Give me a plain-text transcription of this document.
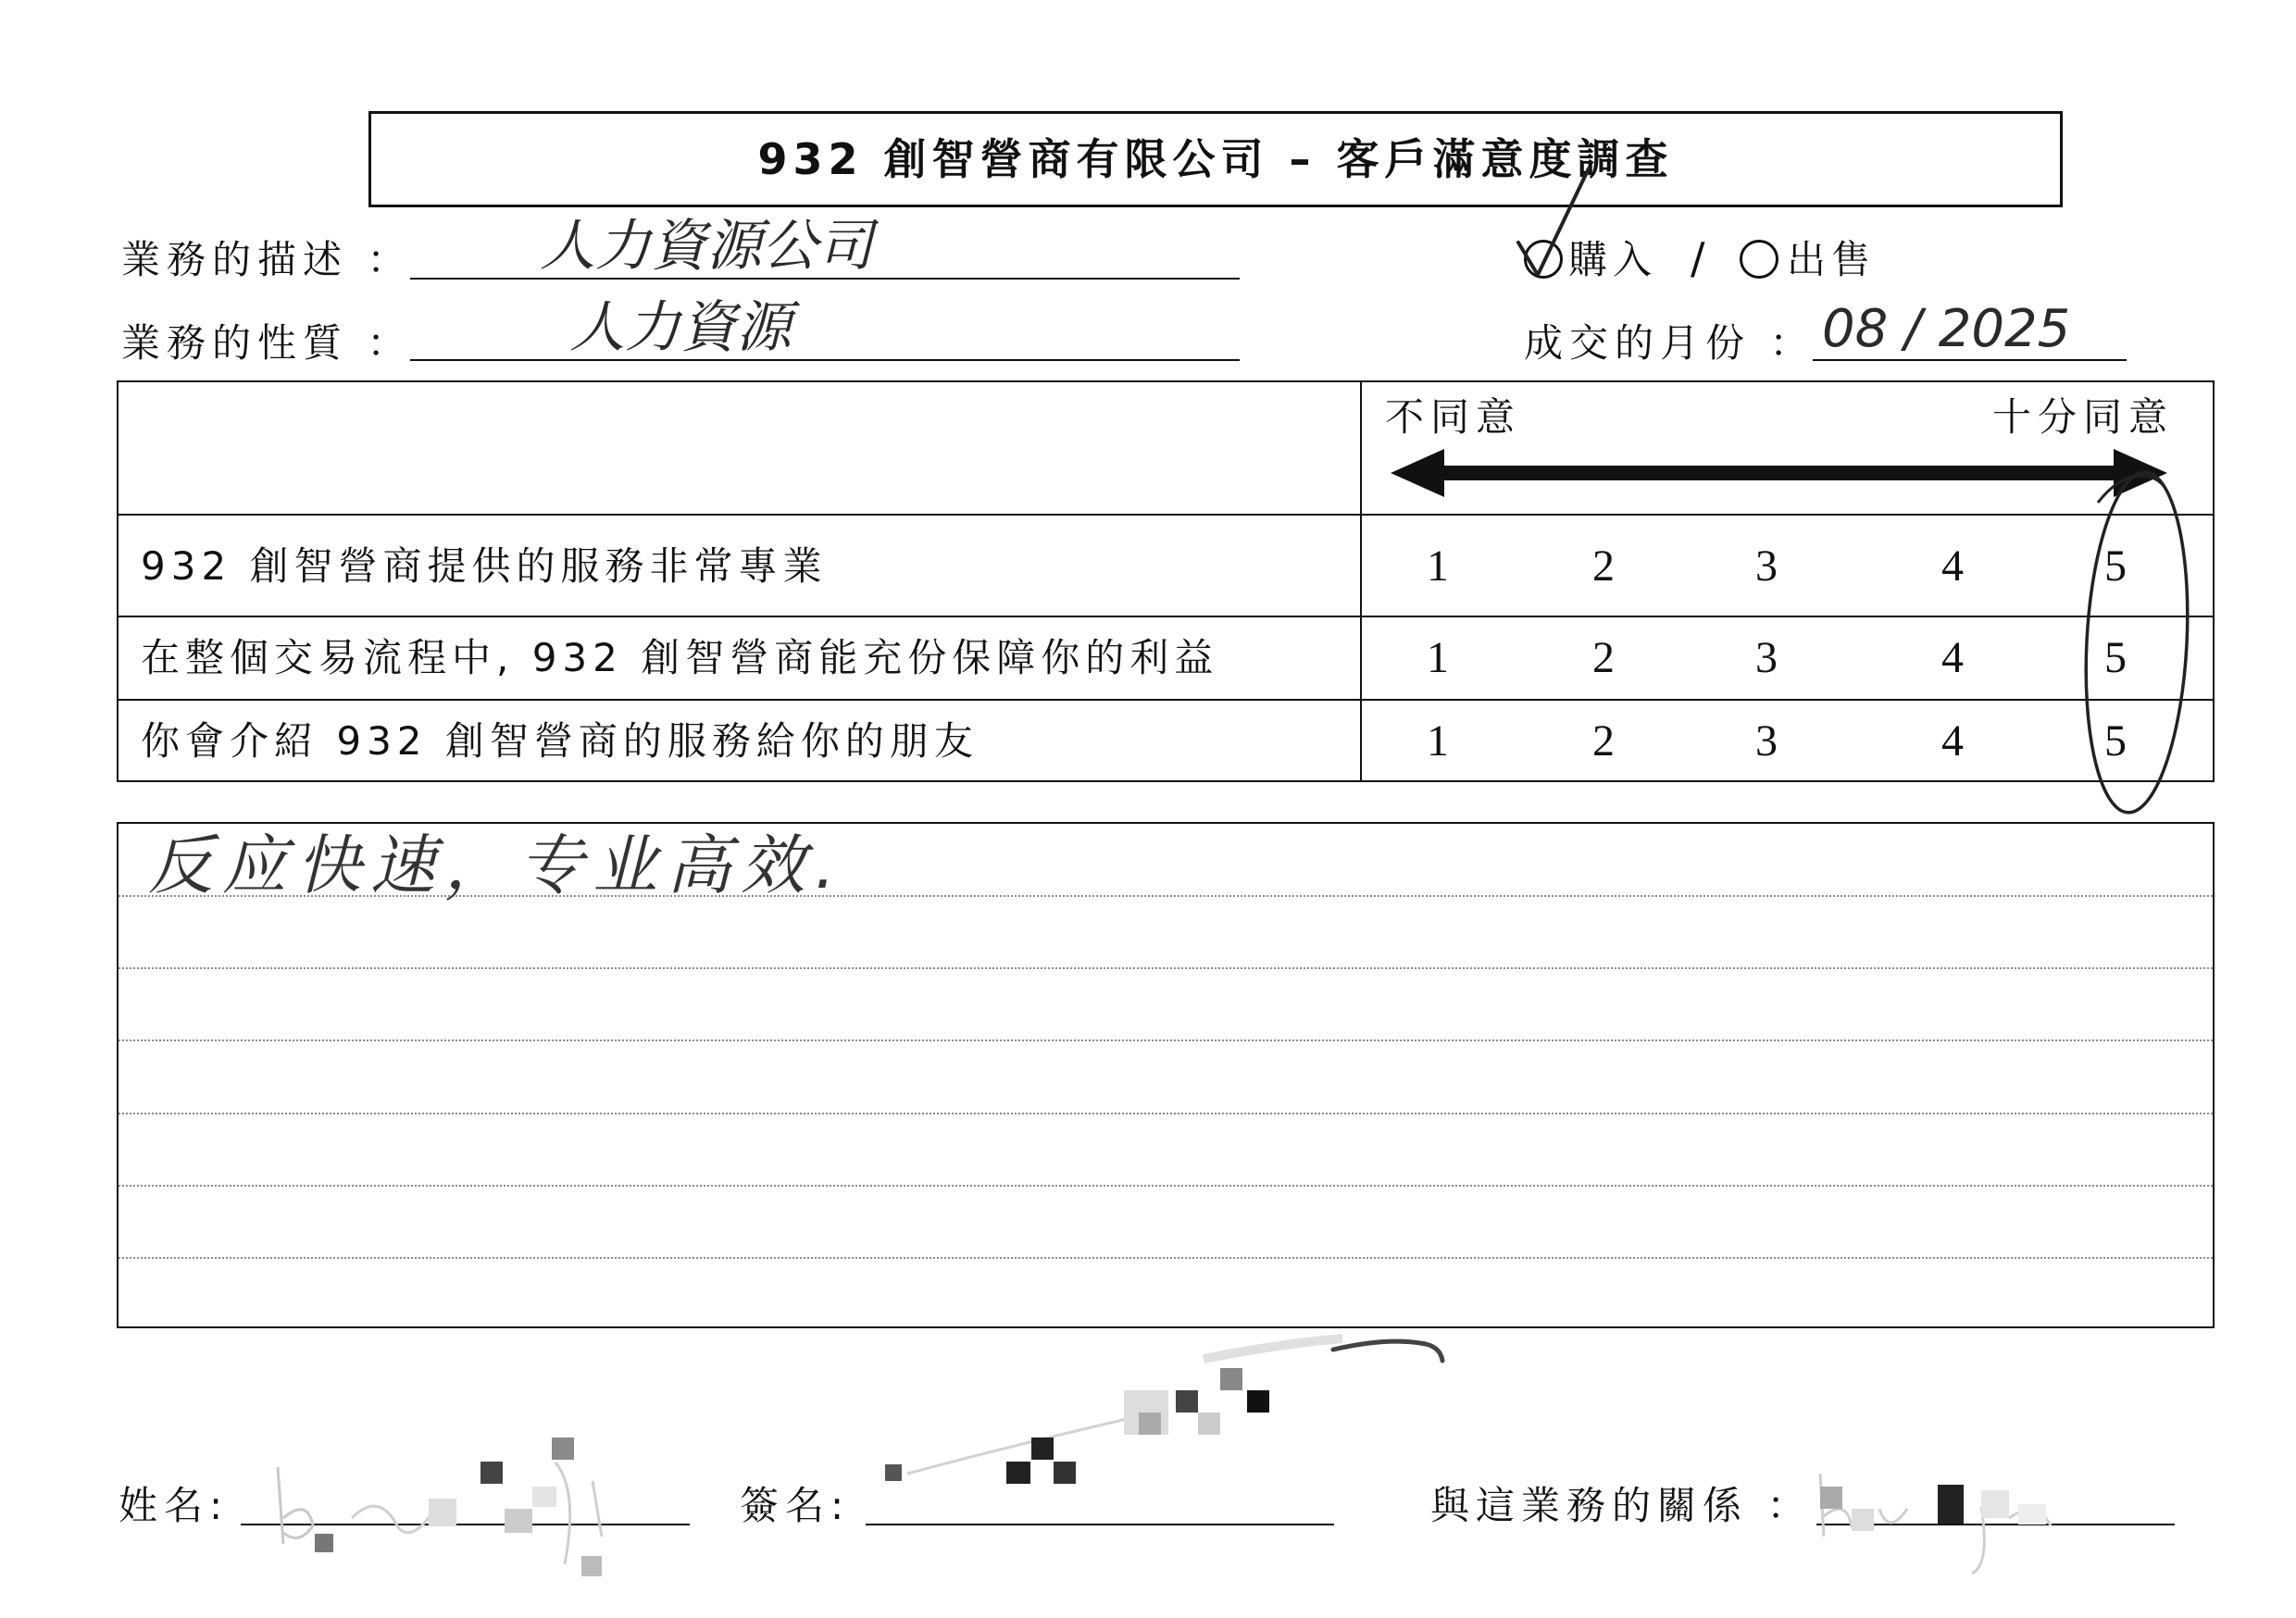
932 創智營商有限公司 – 客戶滿意度調查
業務的描述 ： 人力資源公司
業務的性質 ：	人力資源
購入 / 出售
成交的月份 ： 08 / 2025
不同意	十分同意
932 創智營商提供的服務非常專業	1	2	3	4	5
在整個交易流程中, 932 創智營商能充份保障你的利益	1	2	3	4	5
你會介紹 932 創智營商的服務給你的朋友	1	2	3	4	5
反应快速，专业高效.
姓名:	簽名:	與這業務的關係 ：
